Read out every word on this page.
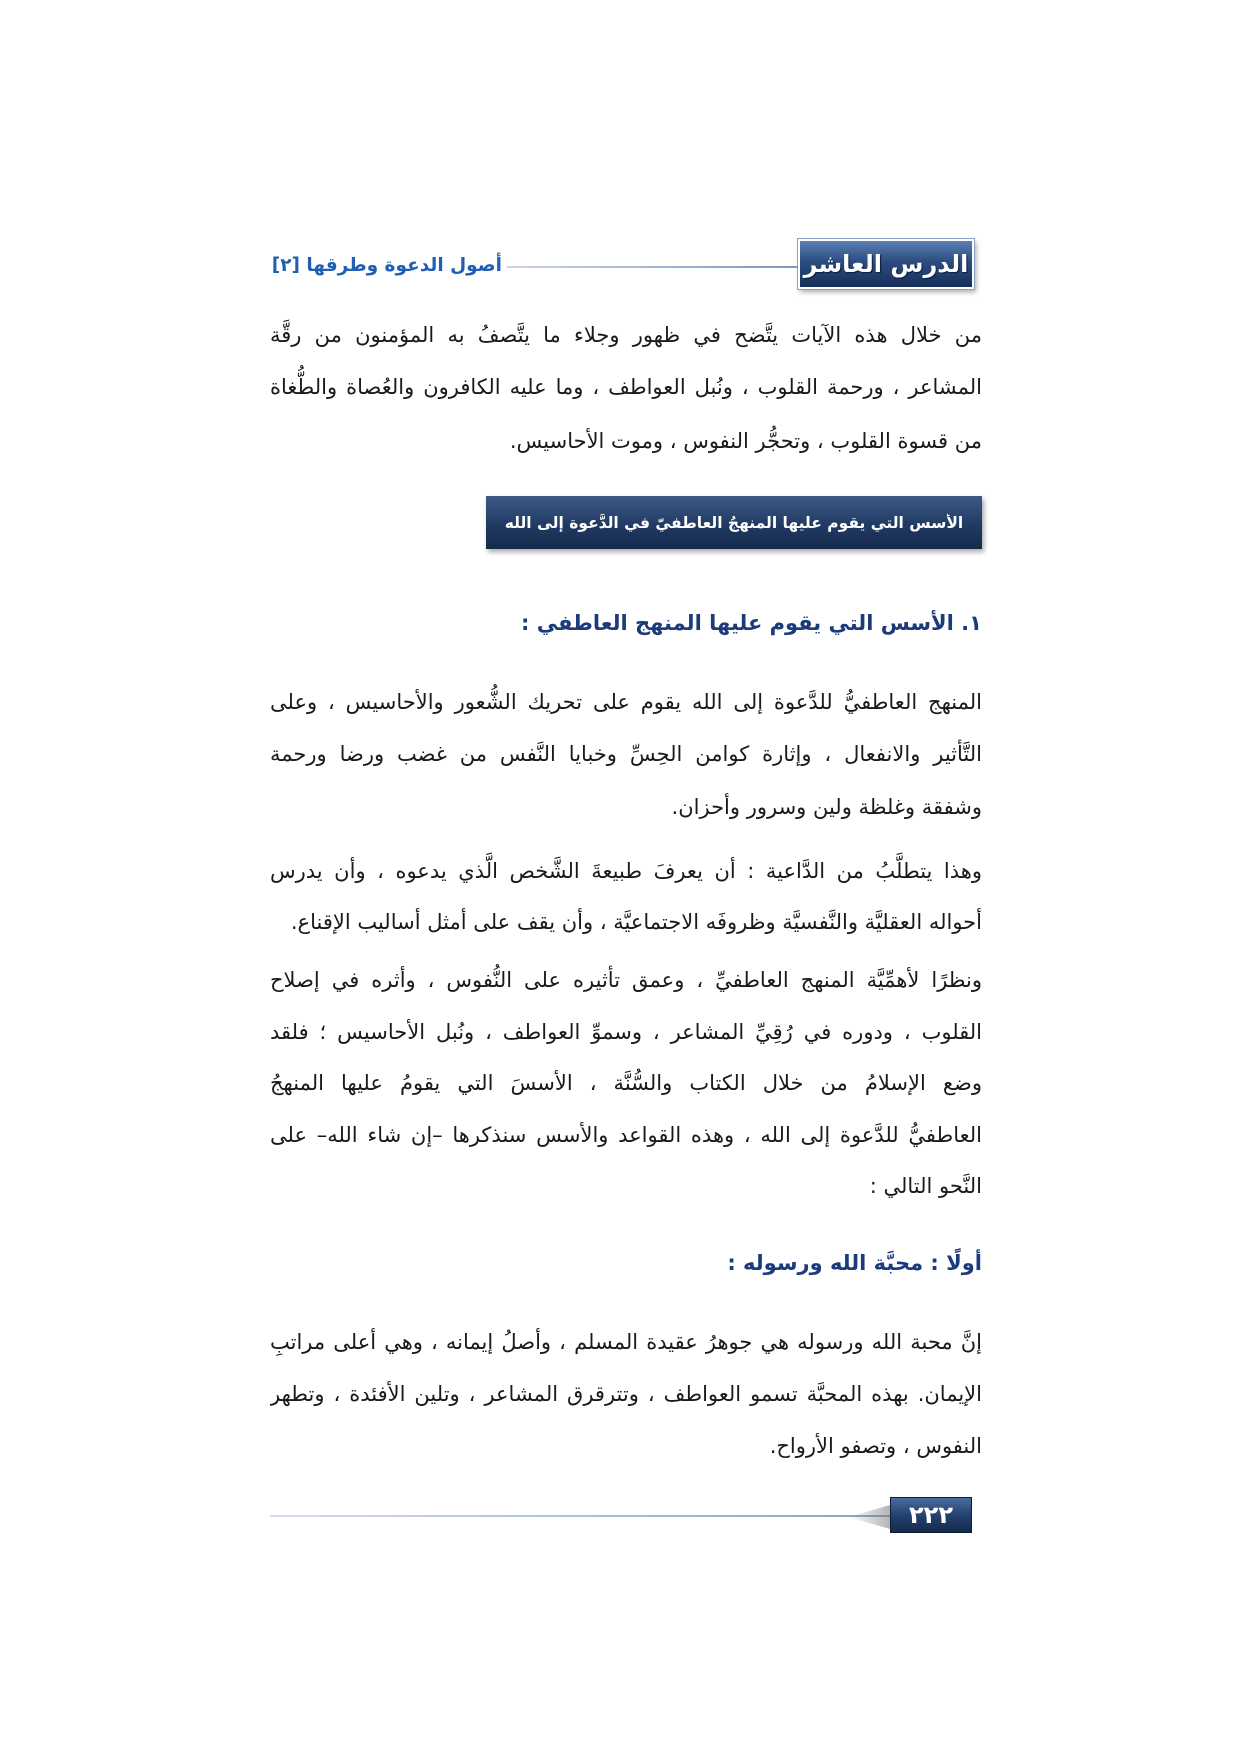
الدرس العاشر
أصول الدعوة وطرقها [٢]
من خلال هذه الآيات يتَّضح في ظهور وجلاء ما يتَّصفُ به المؤمنون من رقَّة
المشاعر ، ورحمة القلوب ، ونُبل العواطف ، وما عليه الكافرون والعُصاة والطُّغاة
من قسوة القلوب ، وتحجُّر النفوس ، وموت الأحاسيس.
الأسس التي يقوم عليها المنهجُ العاطفيّ في الدَّعوة إلى الله
١. الأسس التي يقوم عليها المنهج العاطفي :
المنهج العاطفيُّ للدَّعوة إلى الله يقوم على تحريك الشُّعور والأحاسيس ، وعلى
التَّأثير والانفعال ، وإثارة كوامن الحِسِّ وخبايا النَّفس من غضب ورضا ورحمة
وشفقة وغلظة ولين وسرور وأحزان.
وهذا يتطلَّبُ من الدَّاعية : أن يعرفَ طبيعةَ الشَّخص الَّذي يدعوه ، وأن يدرس
أحواله العقليَّة والنَّفسيَّة وظروفَه الاجتماعيَّة ، وأن يقف على أمثل أساليب الإقناع.
ونظرًا لأهمِّيَّة المنهج العاطفيِّ ، وعمق تأثيره على النُّفوس ، وأثره في إصلاح
القلوب ، ودوره في رُقِيِّ المشاعر ، وسموِّ العواطف ، ونُبل الأحاسيس ؛ فلقد
وضع الإسلامُ من خلال الكتاب والسُّنَّة ، الأسسَ التي يقومُ عليها المنهجُ
العاطفيُّ للدَّعوة إلى الله ، وهذه القواعد والأسس سنذكرها –إن شاء الله– على
النَّحو التالي :
أولًا : محبَّة الله ورسوله :
إنَّ محبة الله ورسوله هي جوهرُ عقيدة المسلم ، وأصلُ إيمانه ، وهي أعلى مراتبِ
الإيمان. بهذه المحبَّة تسمو العواطف ، وتترقرق المشاعر ، وتلين الأفئدة ، وتطهر
النفوس ، وتصفو الأرواح.
٢٢٢
